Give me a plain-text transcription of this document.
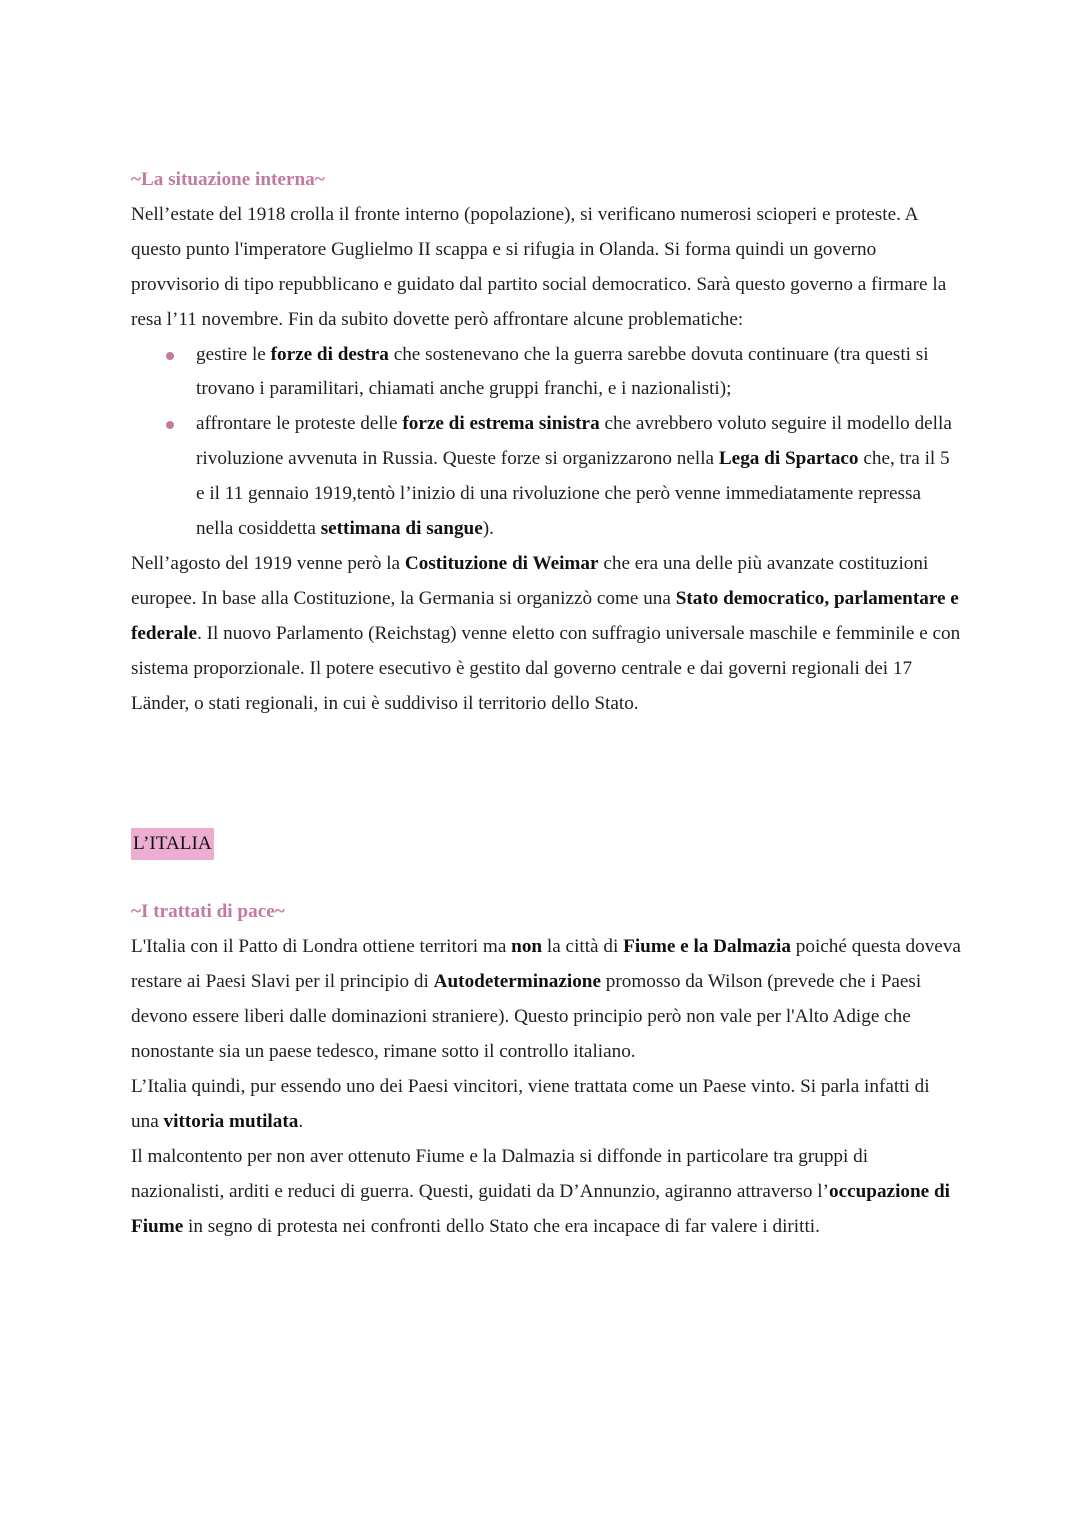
~La situazione interna~

Nell’estate del 1918 crolla il fronte interno (popolazione), si verificano numerosi scioperi e proteste. A questo punto l'imperatore Guglielmo II scappa e si rifugia in Olanda. Si forma quindi un governo provvisorio di tipo repubblicano e guidato dal partito social democratico. Sarà questo governo a firmare la resa l’11 novembre. Fin da subito dovette però affrontare alcune problematiche:

gestire le forze di destra che sostenevano che la guerra sarebbe dovuta continuare (tra questi si trovano i paramilitari, chiamati anche gruppi franchi, e i nazionalisti);
affrontare le proteste delle forze di estrema sinistra che avrebbero voluto seguire il modello della rivoluzione avvenuta in Russia. Queste forze si organizzarono nella Lega di Spartaco che, tra il 5 e il 11 gennaio 1919,tentò l’inizio di una rivoluzione che però venne immediatamente repressa nella cosiddetta settimana di sangue).

Nell’agosto del 1919 venne però la Costituzione di Weimar che era una delle più avanzate costituzioni europee. In base alla Costituzione, la Germania si organizzò come una Stato democratico, parlamentare e federale. Il nuovo Parlamento (Reichstag) venne eletto con suffragio universale maschile e femminile e con sistema proporzionale. Il potere esecutivo è gestito dal governo centrale e dai governi regionali dei 17 Länder, o stati regionali, in cui è suddiviso il territorio dello Stato.

L’ITALIA
~I trattati di pace~

L'Italia con il Patto di Londra ottiene territori ma non la città di Fiume e la Dalmazia poiché questa doveva restare ai Paesi Slavi per il principio di Autodeterminazione promosso da Wilson (prevede che i Paesi devono essere liberi dalle dominazioni straniere). Questo principio però non vale per l'Alto Adige che nonostante sia un paese tedesco, rimane sotto il controllo italiano.

L’Italia quindi, pur essendo uno dei Paesi vincitori, viene trattata come un Paese vinto. Si parla infatti di una vittoria mutilata.

Il malcontento per non aver ottenuto Fiume e la Dalmazia si diffonde in particolare tra gruppi di nazionalisti, arditi e reduci di guerra. Questi, guidati da D’Annunzio, agiranno attraverso l’occupazione di Fiume in segno di protesta nei confronti dello Stato che era incapace di far valere i diritti.
